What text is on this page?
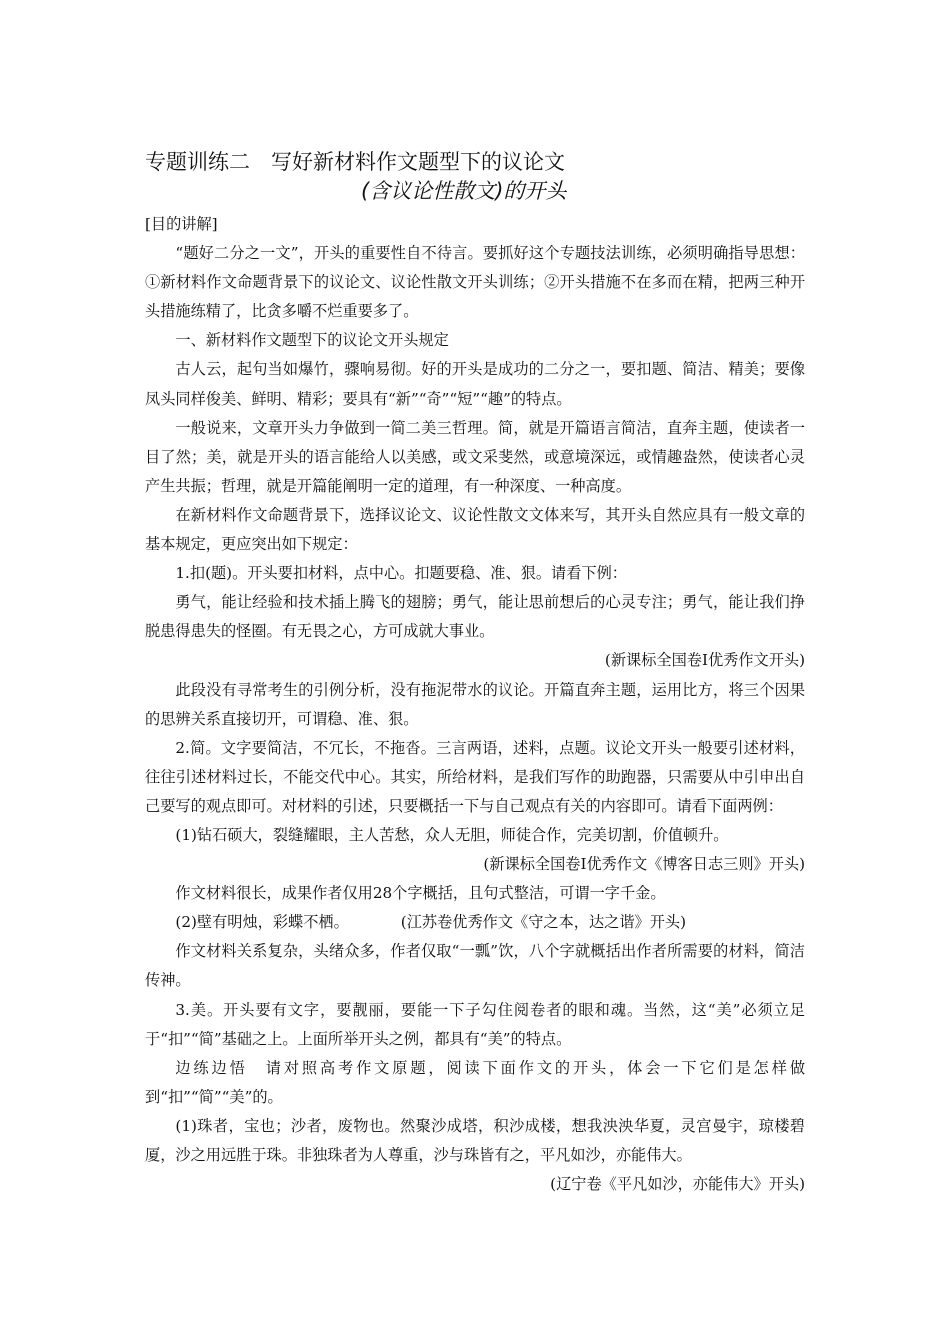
专题训练二　写好新材料作文题型下的议论文
(含议论性散文)的开头

[目的讲解]

“题好二分之一文”，开头的重要性自不待言。要抓好这个专题技法训练，必须明确指导思想：①新材料作文命题背景下的议论文、议论性散文开头训练；②开头措施不在多而在精，把两三种开头措施练精了，比贪多嚼不烂重要多了。

一、新材料作文题型下的议论文开头规定

古人云，起句当如爆竹，骤响易彻。好的开头是成功的二分之一，要扣题、简洁、精美；要像凤头同样俊美、鲜明、精彩；要具有“新”“奇”“短”“趣”的特点。

一般说来，文章开头力争做到一简二美三哲理。简，就是开篇语言简洁，直奔主题，使读者一目了然；美，就是开头的语言能给人以美感，或文采斐然，或意境深远，或情趣盎然，使读者心灵产生共振；哲理，就是开篇能阐明一定的道理，有一种深度、一种高度。

在新材料作文命题背景下，选择议论文、议论性散文文体来写，其开头自然应具有一般文章的基本规定，更应突出如下规定：

1.扣(题)。开头要扣材料，点中心。扣题要稳、准、狠。请看下例：

勇气，能让经验和技术插上腾飞的翅膀；勇气，能让思前想后的心灵专注；勇气，能让我们挣脱患得患失的怪圈。有无畏之心，方可成就大事业。

(新课标全国卷Ⅰ优秀作文开头)

此段没有寻常考生的引例分析，没有拖泥带水的议论。开篇直奔主题，运用比方，将三个因果的思辨关系直接切开，可谓稳、准、狠。

2.简。文字要简洁，不冗长，不拖沓。三言两语，述料，点题。议论文开头一般要引述材料，往往引述材料过长，不能交代中心。其实，所给材料，是我们写作的助跑器，只需要从中引申出自己要写的观点即可。对材料的引述，只要概括一下与自己观点有关的内容即可。请看下面两例：

(1)钻石硕大，裂缝耀眼，主人苦愁，众人无胆，师徒合作，完美切割，价值顿升。

(新课标全国卷Ⅰ优秀作文《博客日志三则》开头)

作文材料很长，成果作者仅用28个字概括，且句式整洁，可谓一字千金。

(2)壁有明烛，彩蝶不栖。	(江苏卷优秀作文《守之本，达之谐》开头)

作文材料关系复杂，头绪众多，作者仅取“一瓢”饮，八个字就概括出作者所需要的材料，简洁传神。

3.美。开头要有文字，要靓丽，要能一下子勾住阅卷者的眼和魂。当然，这“美”必须立足于“扣”“简”基础之上。上面所举开头之例，都具有“美”的特点。

边练边悟　请对照高考作文原题，阅读下面作文的开头，体会一下它们是怎样做到“扣”“简”“美”的。

(1)珠者，宝也；沙者，废物也。然聚沙成塔，积沙成楼，想我泱泱华夏，灵宫曼宇，琼楼碧厦，沙之用远胜于珠。非独珠者为人尊重，沙与珠皆有之，平凡如沙，亦能伟大。

(辽宁卷《平凡如沙，亦能伟大》开头)
